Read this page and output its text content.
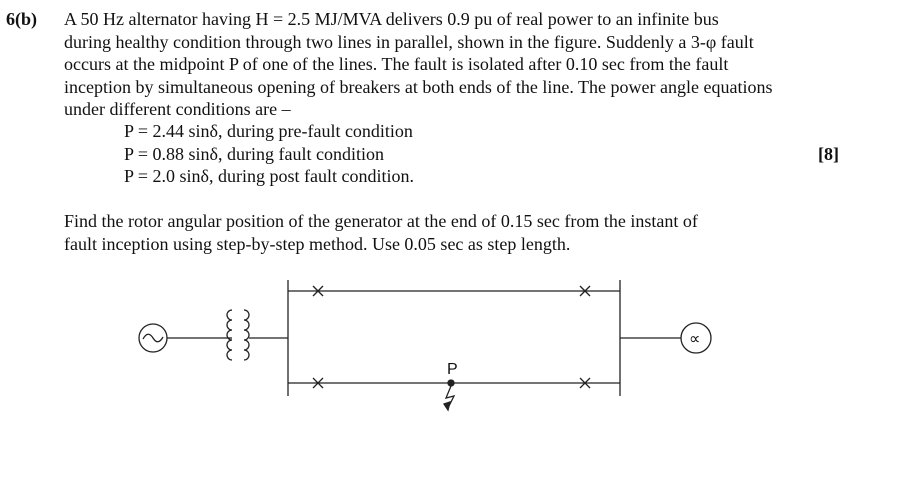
6(b) A 50 Hz alternator having H = 2.5 MJ/MVA delivers 0.9 pu of real power to an infinite bus
during healthy condition through two lines in parallel, shown in the figure. Suddenly a 3-φ fault
occurs at the midpoint P of one of the lines. The fault is isolated after 0.10 sec from the fault
inception by simultaneous opening of breakers at both ends of the line. The power angle equations
under different conditions are –
P = 2.44 sinδ, during pre-fault condition
P = 0.88 sinδ, during fault condition
P = 2.0 sinδ, during post fault condition.
[8]
Find the rotor angular position of the generator at the end of 0.15 sec from the instant of
fault inception using step-by-step method. Use 0.05 sec as step length.
P
∝
